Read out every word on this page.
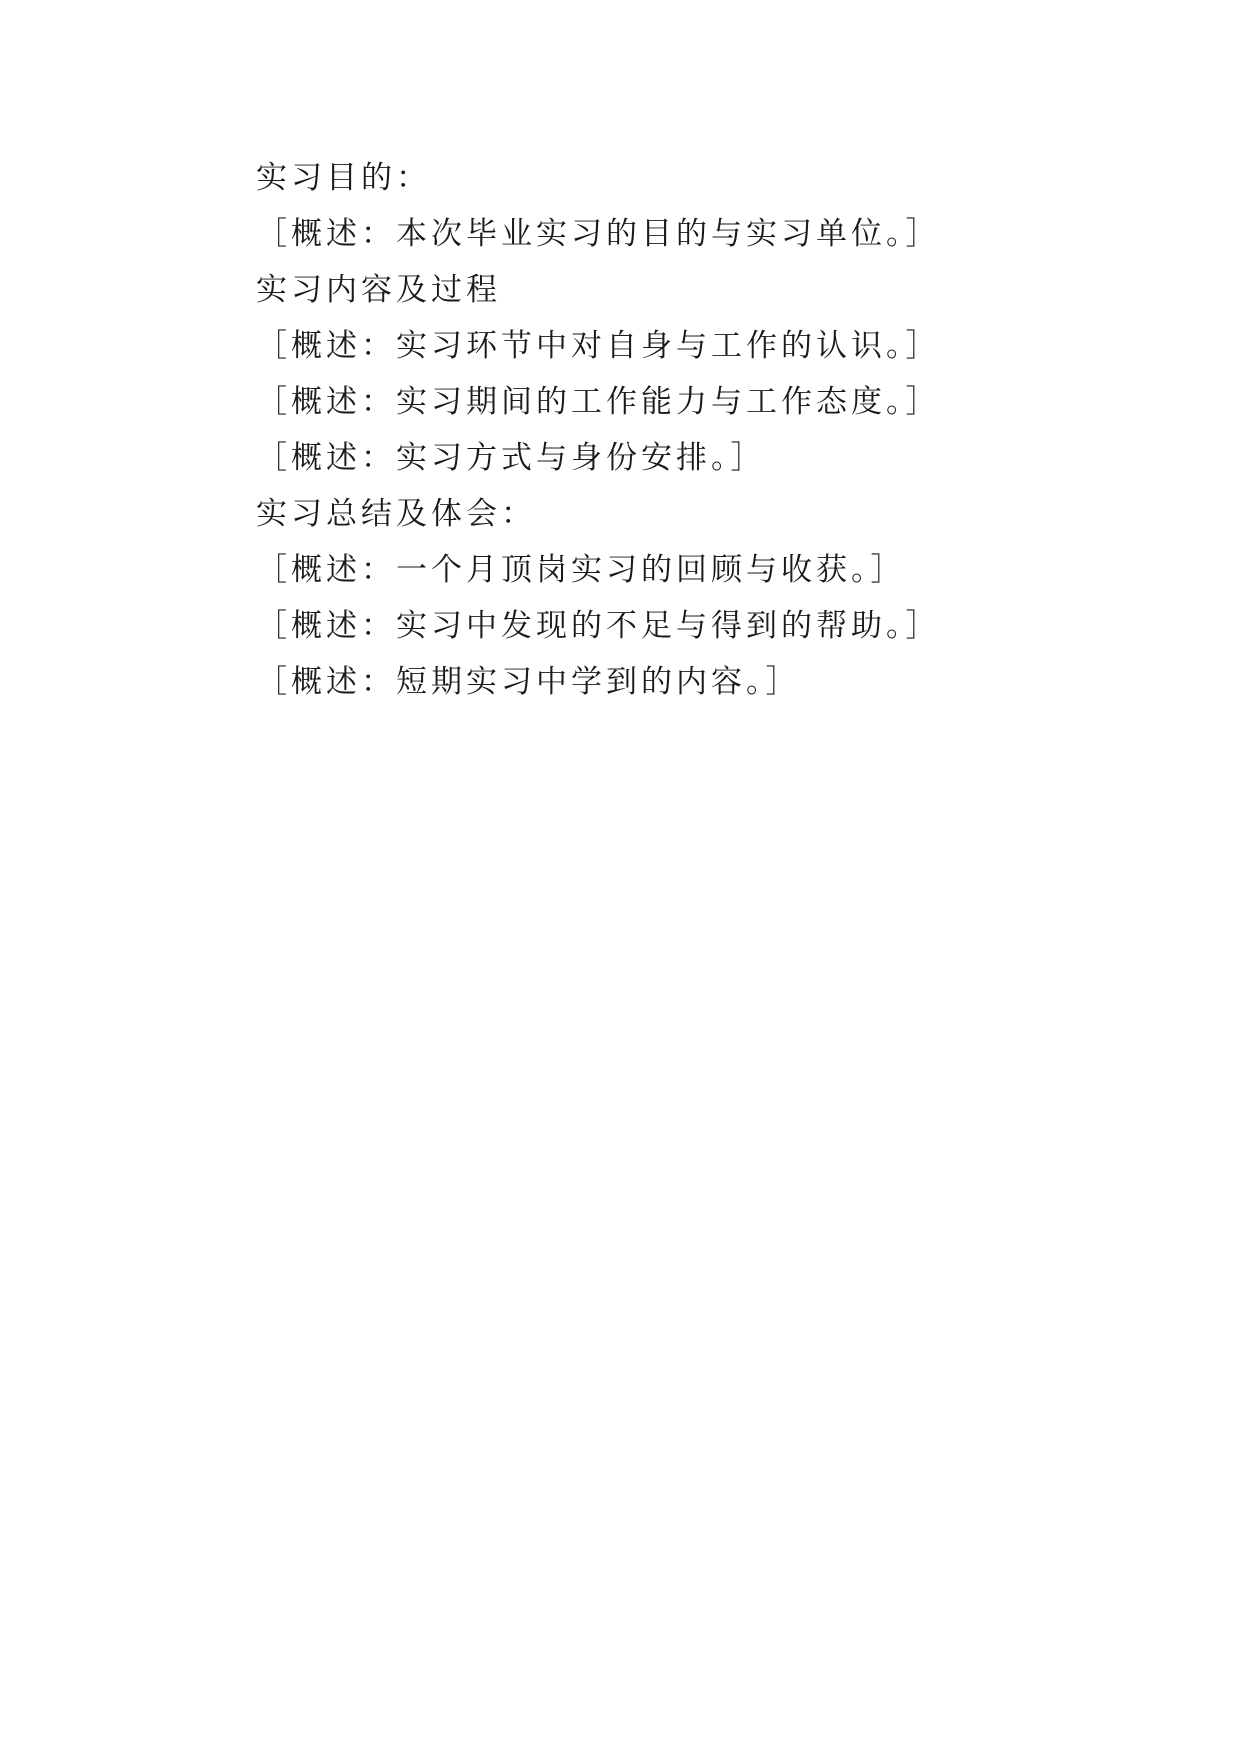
实习目的：

［概述：本次毕业实习的目的与实习单位。］

实习内容及过程

［概述：实习环节中对自身与工作的认识。］

［概述：实习期间的工作能力与工作态度。］

［概述：实习方式与身份安排。］

实习总结及体会：

［概述：一个月顶岗实习的回顾与收获。］

［概述：实习中发现的不足与得到的帮助。］

［概述：短期实习中学到的内容。］
